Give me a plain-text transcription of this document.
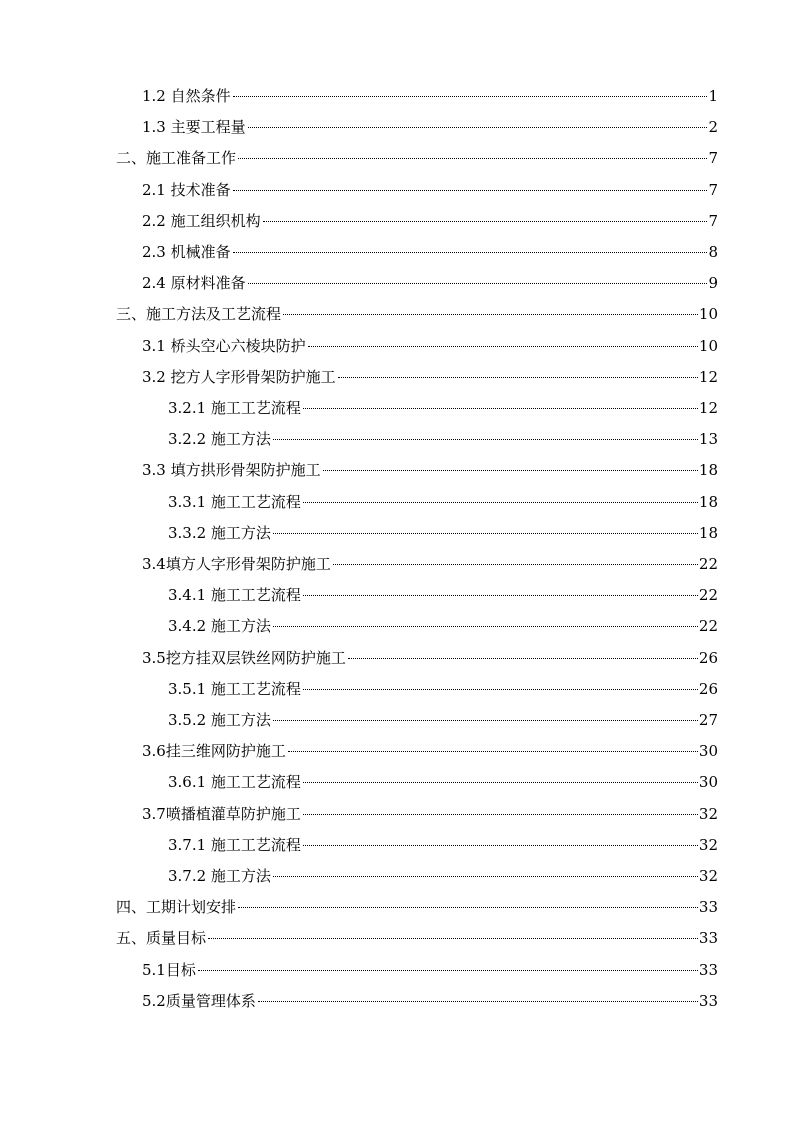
1.2 自然条件	1
1.3 主要工程量	2
二、施工准备工作	7
2.1 技术准备	7
2.2 施工组织机构	7
2.3 机械准备	8
2.4 原材料准备	9
三、施工方法及工艺流程	10
3.1 桥头空心六棱块防护	10
3.2 挖方人字形骨架防护施工	12
3.2.1 施工工艺流程	12
3.2.2 施工方法	13
3.3 填方拱形骨架防护施工	18
3.3.1 施工工艺流程	18
3.3.2 施工方法	18
3.4填方人字形骨架防护施工	22
3.4.1 施工工艺流程	22
3.4.2 施工方法	22
3.5挖方挂双层铁丝网防护施工	26
3.5.1 施工工艺流程	26
3.5.2 施工方法	27
3.6挂三维网防护施工	30
3.6.1 施工工艺流程	30
3.7喷播植灌草防护施工	32
3.7.1 施工工艺流程	32
3.7.2 施工方法	32
四、工期计划安排	33
五、质量目标	33
5.1目标	33
5.2质量管理体系	33
